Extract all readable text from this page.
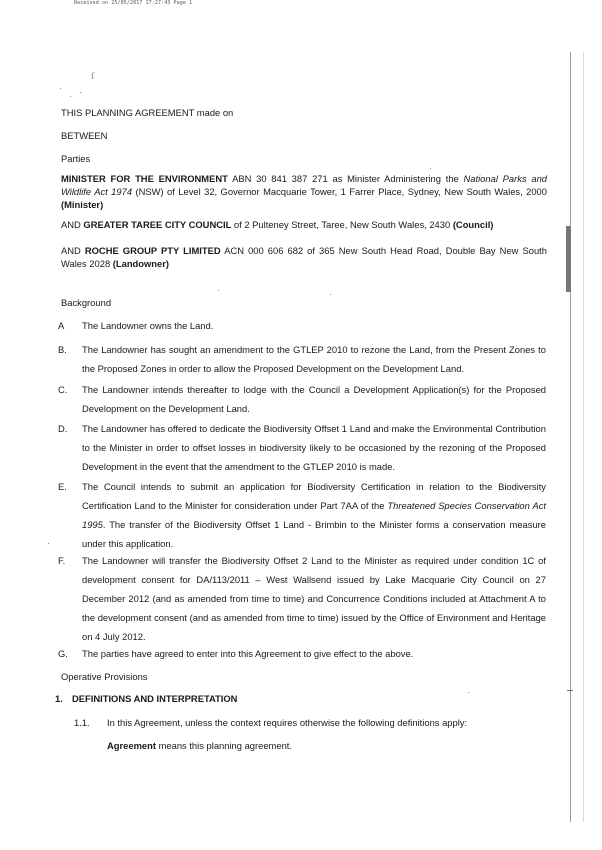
Received on 25/05/2017 17:27:43 Page 1
ſ
THIS PLANNING AGREEMENT made on
BETWEEN
Parties
MINISTER FOR THE ENVIRONMENT ABN 30 841 387 271 as Minister Administering the National Parks and Wildlife Act 1974 (NSW) of Level 32, Governor Macquarie Tower, 1 Farrer Place, Sydney, New South Wales, 2000 (Minister)
AND GREATER TAREE CITY COUNCIL of 2 Pulteney Street, Taree, New South Wales, 2430 (Council)
AND ROCHE GROUP PTY LIMITED ACN 000 606 682 of 365 New South Head Road, Double Bay New South Wales 2028 (Landowner)
Background
A The Landowner owns the Land.
B. The Landowner has sought an amendment to the GTLEP 2010 to rezone the Land, from the Present Zones to the Proposed Zones in order to allow the Proposed Development on the Development Land.
C. The Landowner intends thereafter to lodge with the Council a Development Application(s) for the Proposed Development on the Development Land.
D. The Landowner has offered to dedicate the Biodiversity Offset 1 Land and make the Environmental Contribution to the Minister in order to offset losses in biodiversity likely to be occasioned by the rezoning of the Proposed Development in the event that the amendment to the GTLEP 2010 is made.
E. The Council intends to submit an application for Biodiversity Certification in relation to the Biodiversity Certification Land to the Minister for consideration under Part 7AA of the Threatened Species Conservation Act 1995. The transfer of the Biodiversity Offset 1 Land - Brimbin to the Minister forms a conservation measure under this application.
F. The Landowner will transfer the Biodiversity Offset 2 Land to the Minister as required under condition 1C of development consent for DA/113/2011 – West Wallsend issued by Lake Macquarie City Council on 27 December 2012 (and as amended from time to time) and Concurrence Conditions included at Attachment A to the development consent (and as amended from time to time) issued by the Office of Environment and Heritage on 4 July 2012.
G. The parties have agreed to enter into this Agreement to give effect to the above.
Operative Provisions
1. DEFINITIONS AND INTERPRETATION
1.1. In this Agreement, unless the context requires otherwise the following definitions apply:
Agreement means this planning agreement.
